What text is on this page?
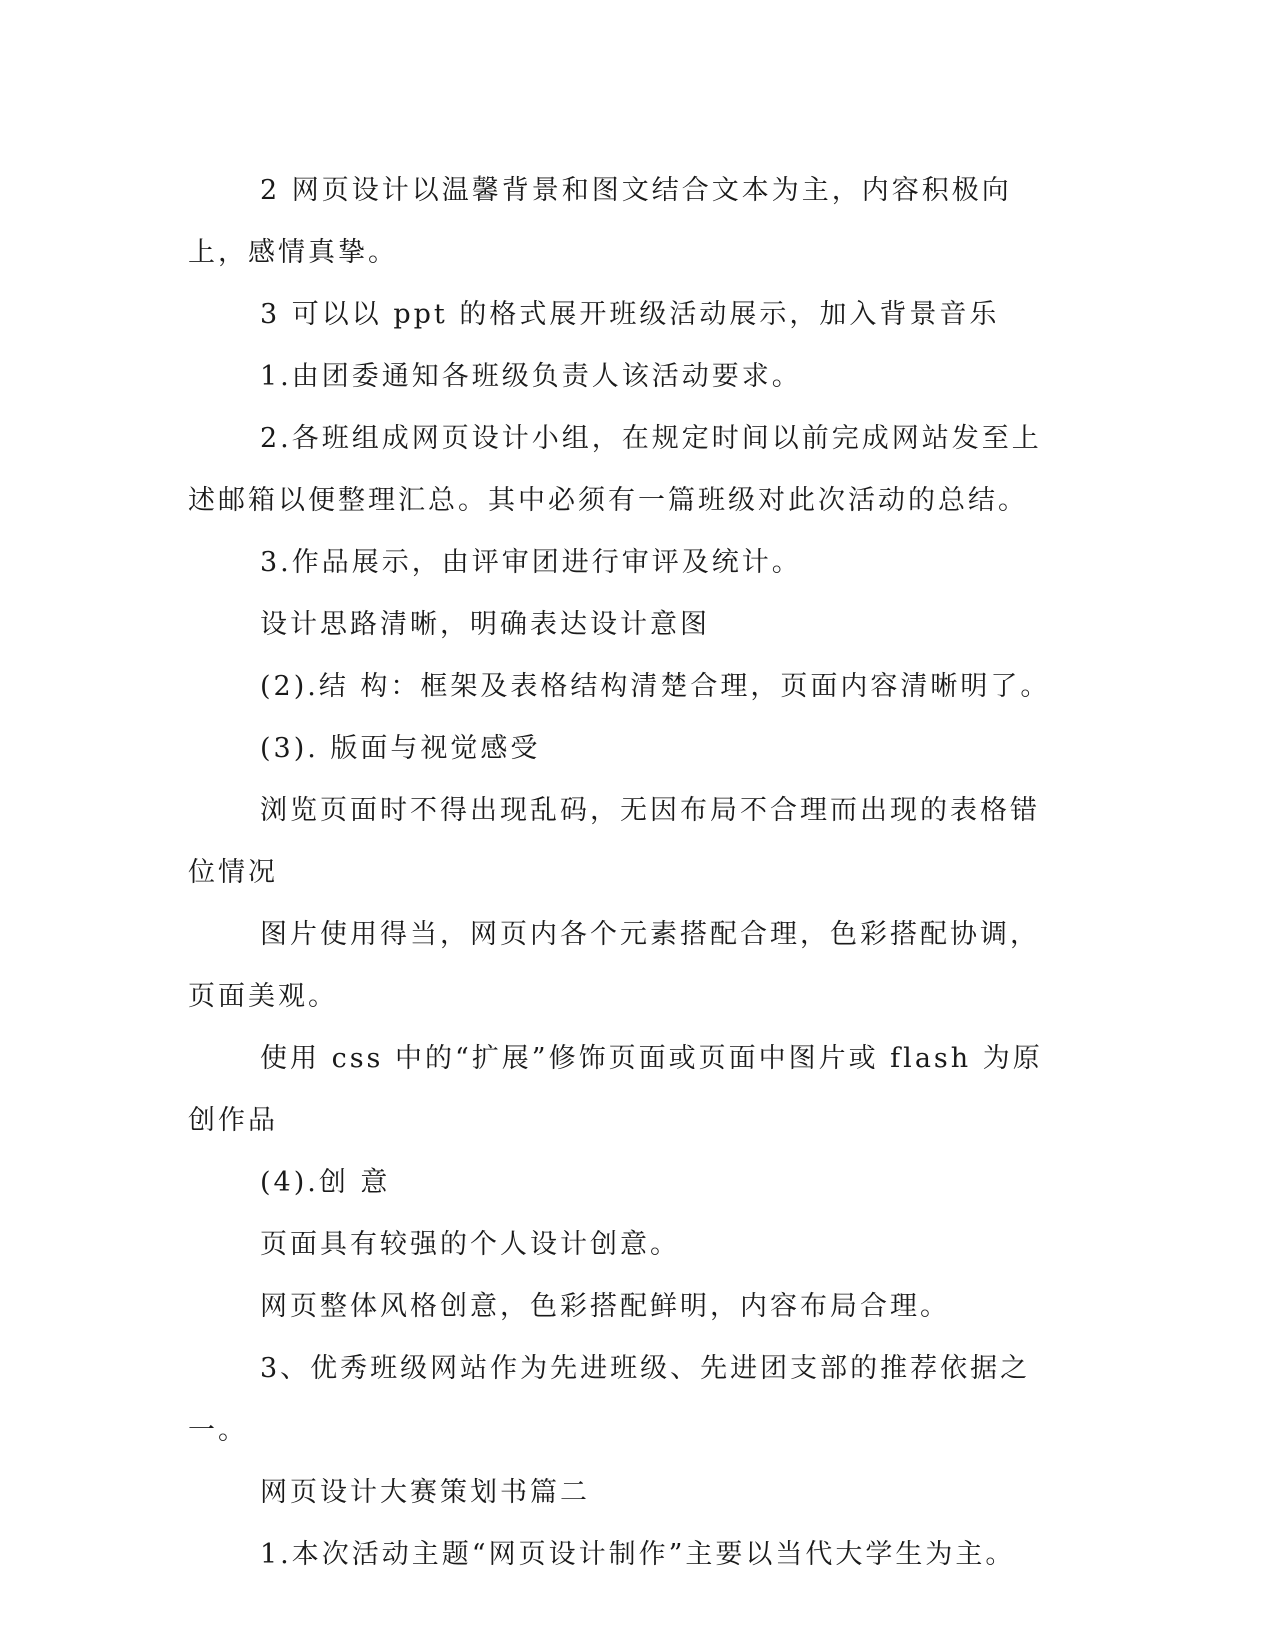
2 网页设计以温馨背景和图文结合文本为主，内容积极向上，感情真挚。

3 可以以 ppt 的格式展开班级活动展示，加入背景音乐

1.由团委通知各班级负责人该活动要求。

2.各班组成网页设计小组，在规定时间以前完成网站发至上述邮箱以便整理汇总。其中必须有一篇班级对此次活动的总结。

3.作品展示，由评审团进行审评及统计。

设计思路清晰，明确表达设计意图

(2).结 构：框架及表格结构清楚合理，页面内容清晰明了。

(3). 版面与视觉感受

浏览页面时不得出现乱码，无因布局不合理而出现的表格错位情况

图片使用得当，网页内各个元素搭配合理，色彩搭配协调，页面美观。

使用 css 中的“扩展”修饰页面或页面中图片或 flash 为原创作品

(4).创 意

页面具有较强的个人设计创意。

网页整体风格创意，色彩搭配鲜明，内容布局合理。

3、优秀班级网站作为先进班级、先进团支部的推荐依据之一。

网页设计大赛策划书篇二

1.本次活动主题“网页设计制作”主要以当代大学生为主。
